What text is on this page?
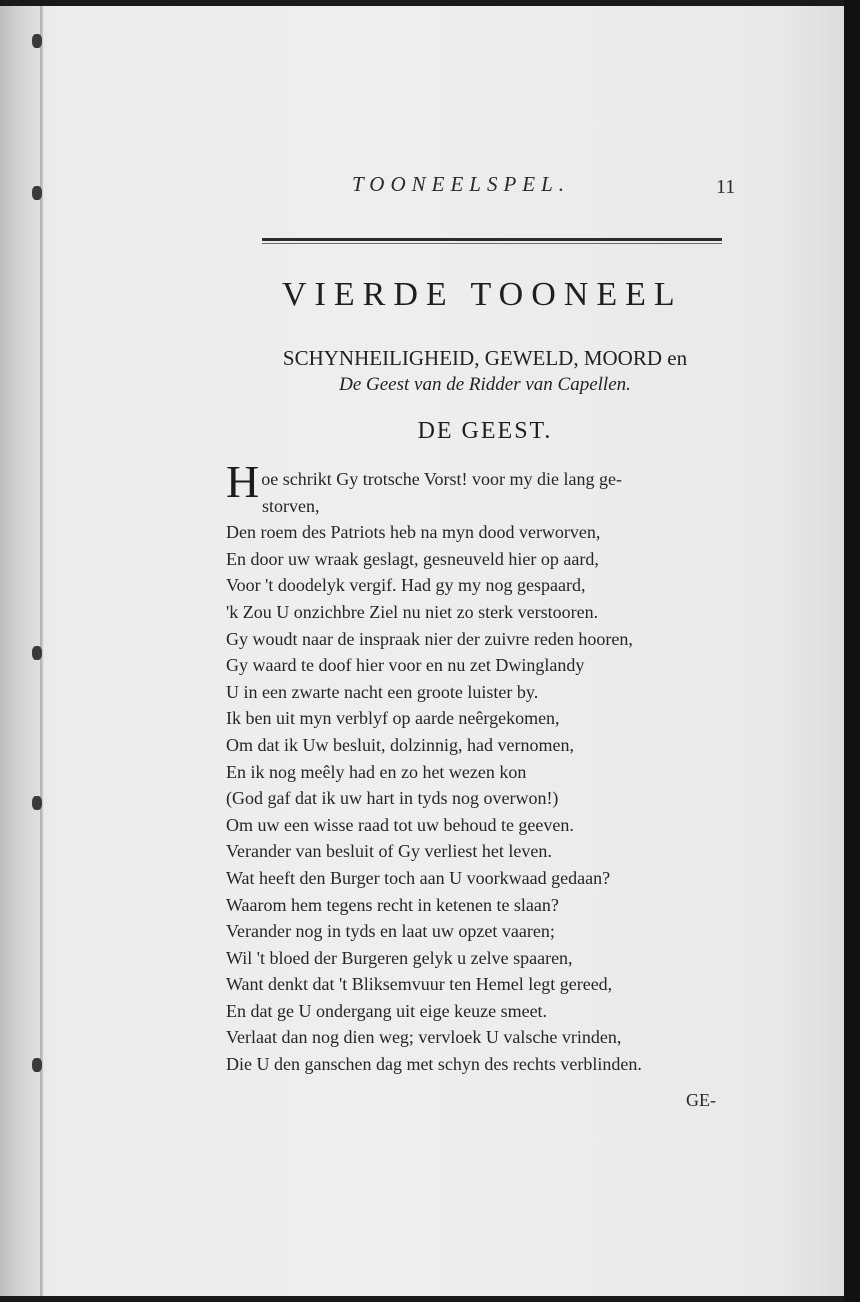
TOONEELSPEL.	11
VIERDE TOONEEL
SCHYNHEILIGHEID, GEWELD, MOORD en
De Geest van de Ridder van Capellen.
DE GEEST.
Hoe schrikt Gy trotsche Vorst! voor my die lang ge-
storven,
Den roem des Patriots heb na myn dood verworven,
En door uw wraak geslagt, gesneuveld hier op aard,
Voor 't doodelyk vergif. Had gy my nog gespaard,
'k Zou U onzichbre Ziel nu niet zo sterk verstooren.
Gy woudt naar de inspraak nier der zuivre reden hooren,
Gy waard te doof hier voor en nu zet Dwinglandy
U in een zwarte nacht een groote luister by.
Ik ben uit myn verblyf op aarde neêrgekomen,
Om dat ik Uw besluit, dolzinnig, had vernomen,
En ik nog meêly had en zo het wezen kon
(God gaf dat ik uw hart in tyds nog overwon!)
Om uw een wisse raad tot uw behoud te geeven.
Verander van besluit of Gy verliest het leven.
Wat heeft den Burger toch aan U voorkwaad gedaan?
Waarom hem tegens recht in ketenen te slaan?
Verander nog in tyds en laat uw opzet vaaren;
Wil 't bloed der Burgeren gelyk u zelve spaaren,
Want denkt dat 't Bliksemvuur ten Hemel legt gereed,
En dat ge U ondergang uit eige keuze smeet.
Verlaat dan nog dien weg; vervloek U valsche vrinden,
Die U den ganschen dag met schyn des rechts verblinden.
GE-
